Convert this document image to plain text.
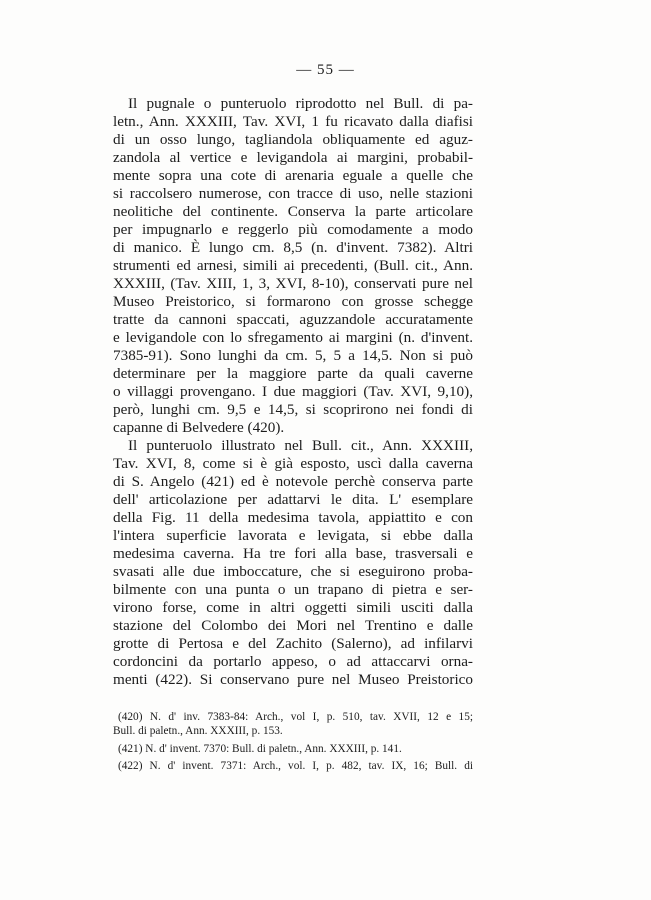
— 55 —
Il pugnale o punteruolo riprodotto nel Bull. di pa-
letn., Ann. XXXIII, Tav. XVI, 1 fu ricavato dalla diafisi
di un osso lungo, tagliandola obliquamente ed aguz-
zandola al vertice e levigandola ai margini, probabil-
mente sopra una cote di arenaria eguale a quelle che
si raccolsero numerose, con tracce di uso, nelle stazioni
neolitiche del continente. Conserva la parte articolare
per impugnarlo e reggerlo più comodamente a modo
di manico. È lungo cm. 8,5 (n. d'invent. 7382). Altri
strumenti ed arnesi, simili ai precedenti, (Bull. cit., Ann.
XXXIII, (Tav. XIII, 1, 3, XVI, 8-10), conservati pure nel
Museo Preistorico, si formarono con grosse schegge
tratte da cannoni spaccati, aguzzandole accuratamente
e levigandole con lo sfregamento ai margini (n. d'invent.
7385-91). Sono lunghi da cm. 5, 5 a 14,5. Non si può
determinare per la maggiore parte da quali caverne
o villaggi provengano. I due maggiori (Tav. XVI, 9,10),
però, lunghi cm. 9,5 e 14,5, si scoprirono nei fondi di
capanne di Belvedere (420).
Il punteruolo illustrato nel Bull. cit., Ann. XXXIII,
Tav. XVI, 8, come si è già esposto, uscì dalla caverna
di S. Angelo (421) ed è notevole perchè conserva parte
dell' articolazione per adattarvi le dita. L' esemplare
della Fig. 11 della medesima tavola, appiattito e con
l'intera superficie lavorata e levigata, si ebbe dalla
medesima caverna. Ha tre fori alla base, trasversali e
svasati alle due imboccature, che si eseguirono proba-
bilmente con una punta o un trapano di pietra e ser-
virono forse, come in altri oggetti simili usciti dalla
stazione del Colombo dei Mori nel Trentino e dalle
grotte di Pertosa e del Zachito (Salerno), ad infilarvi
cordoncini da portarlo appeso, o ad attaccarvi orna-
menti (422). Si conservano pure nel Museo Preistorico
(420) N. d' inv. 7383-84: Arch., vol I, p. 510, tav. XVII, 12 e 15;
Bull. di paletn., Ann. XXXIII, p. 153.
(421) N. d' invent. 7370: Bull. di paletn., Ann. XXXIII, p. 141.
(422) N. d' invent. 7371: Arch., vol. I, p. 482, tav. IX, 16; Bull. di
